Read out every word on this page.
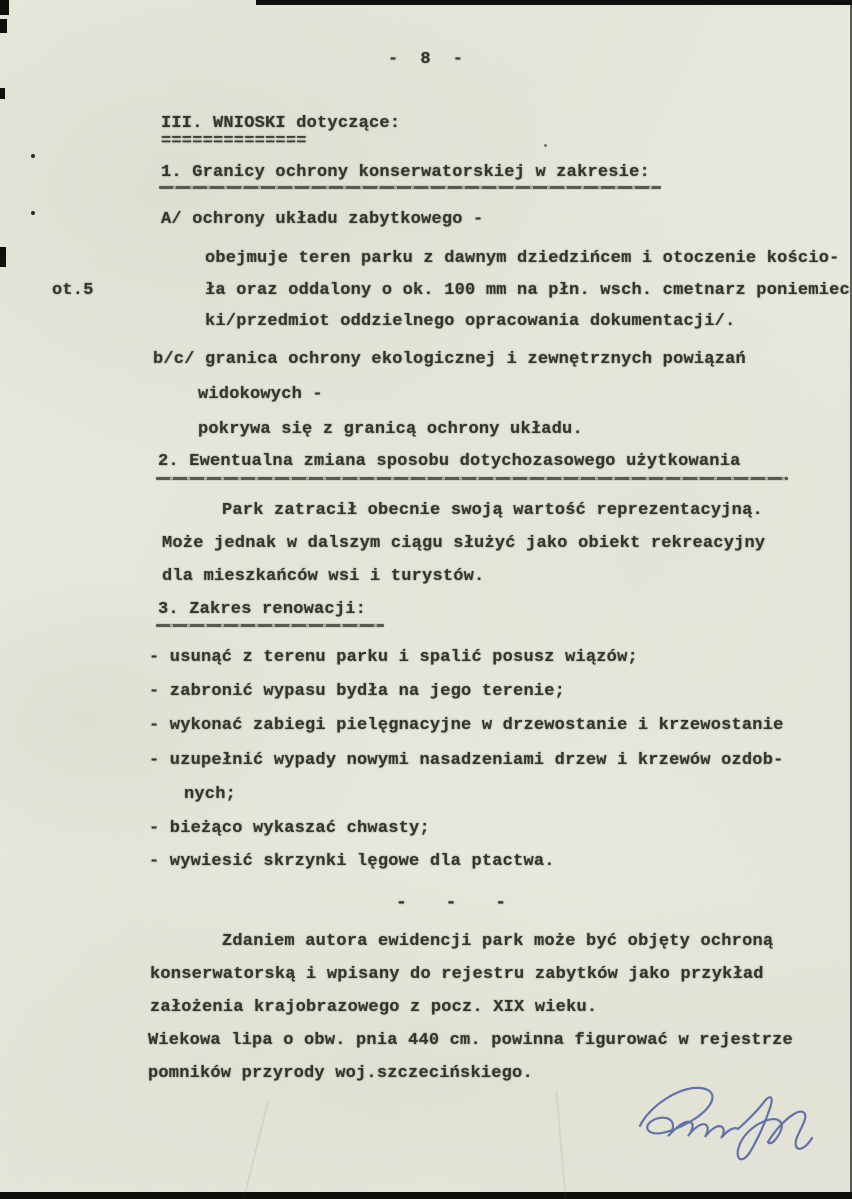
- 8 -
III. WNIOSKI dotyczące:
==============
1. Granicy ochrony konserwatorskiej w zakresie:
A/ ochrony układu zabytkowego -
obejmuje teren parku z dawnym dziedzińcem i otoczenie kościo-
ot.5	ła oraz oddalony o ok. 100 mm na płn. wsch. cmetnarz poniemiec
ki/przedmiot oddzielnego opracowania dokumentacji/.
b/c/ granica ochrony ekologicznej i zewnętrznych powiązań
widokowych -
pokrywa się z granicą ochrony układu.
2. Ewentualna zmiana sposobu dotychozasowego użytkowania
Park zatracił obecnie swoją wartość reprezentacyjną.
Może jednak w dalszym ciągu służyć jako obiekt rekreacyjny
dla mieszkańców wsi i turystów.
3. Zakres renowacji:
- usunąć z terenu parku i spalić posusz wiązów;
- zabronić wypasu bydła na jego terenie;
- wykonać zabiegi pielęgnacyjne w drzewostanie i krzewostanie
- uzupełnić wypady nowymi nasadzeniami drzew i krzewów ozdob-
nych;
- bieżąco wykaszać chwasty;
- wywiesić skrzynki lęgowe dla ptactwa.
- - -
Zdaniem autora ewidencji park może być objęty ochroną
konserwatorską i wpisany do rejestru zabytków jako przykład
założenia krajobrazowego z pocz. XIX wieku.
Wiekowa lipa o obw. pnia 440 cm. powinna figurować w rejestrze
pomników przyrody woj.szczecińskiego.
